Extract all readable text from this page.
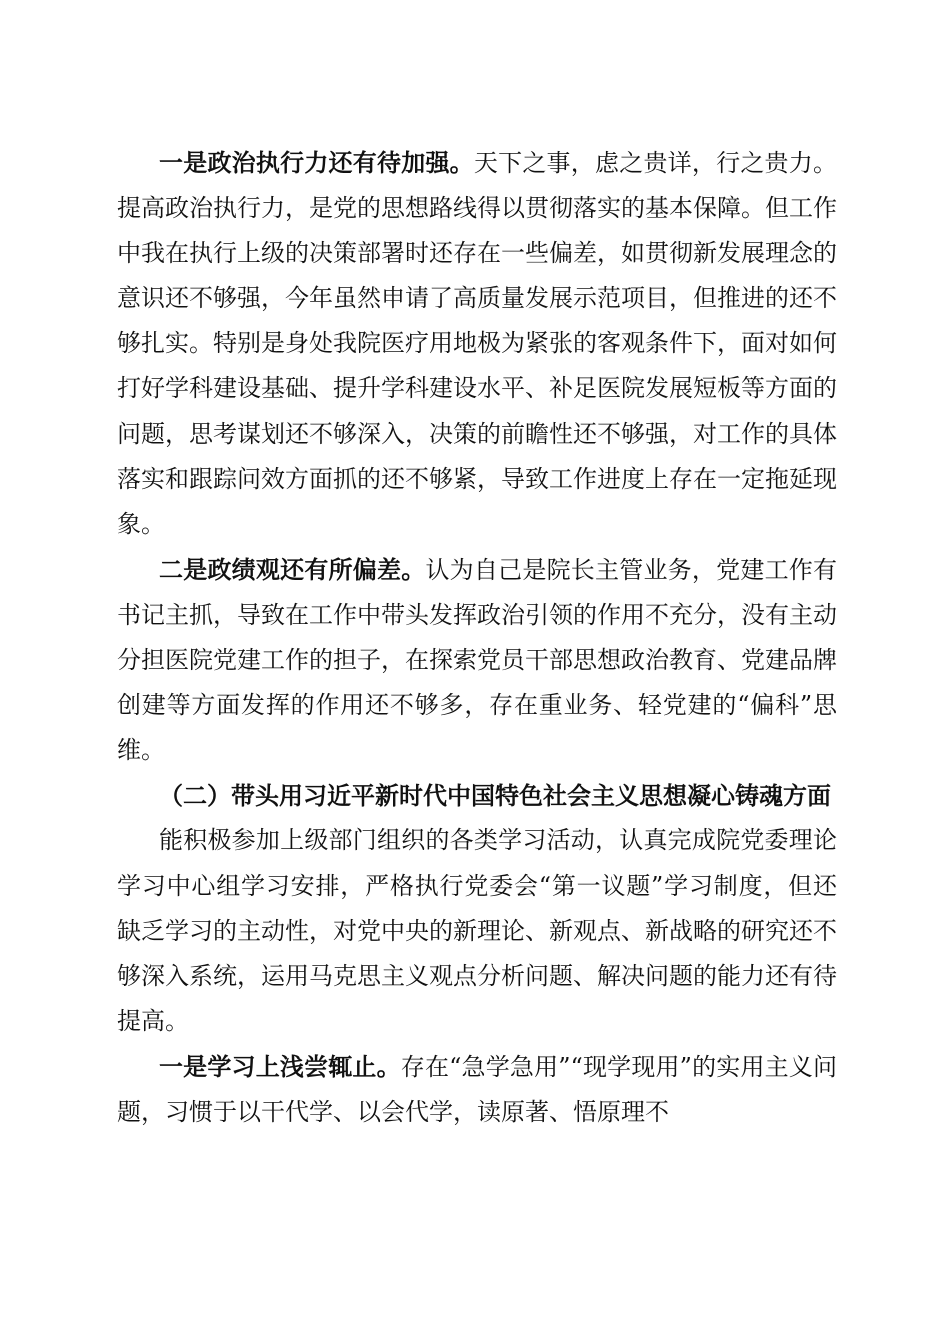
一是政治执行力还有待加强。天下之事，虑之贵详，行之贵力。提高政治执行力，是党的思想路线得以贯彻落实的基本保障。但工作中我在执行上级的决策部署时还存在一些偏差，如贯彻新发展理念的意识还不够强，今年虽然申请了高质量发展示范项目，但推进的还不够扎实。特别是身处我院医疗用地极为紧张的客观条件下，面对如何打好学科建设基础、提升学科建设水平、补足医院发展短板等方面的问题，思考谋划还不够深入，决策的前瞻性还不够强，对工作的具体落实和跟踪问效方面抓的还不够紧，导致工作进度上存在一定拖延现象。

二是政绩观还有所偏差。认为自己是院长主管业务，党建工作有书记主抓，导致在工作中带头发挥政治引领的作用不充分，没有主动分担医院党建工作的担子，在探索党员干部思想政治教育、党建品牌创建等方面发挥的作用还不够多，存在重业务、轻党建的“偏科”思维。

（二）带头用习近平新时代中国特色社会主义思想凝心铸魂方面

能积极参加上级部门组织的各类学习活动，认真完成院党委理论学习中心组学习安排，严格执行党委会“第一议题”学习制度，但还缺乏学习的主动性，对党中央的新理论、新观点、新战略的研究还不够深入系统，运用马克思主义观点分析问题、解决问题的能力还有待提高。

一是学习上浅尝辄止。存在“急学急用”“现学现用”的实用主义问题，习惯于以干代学、以会代学，读原著、悟原理不
